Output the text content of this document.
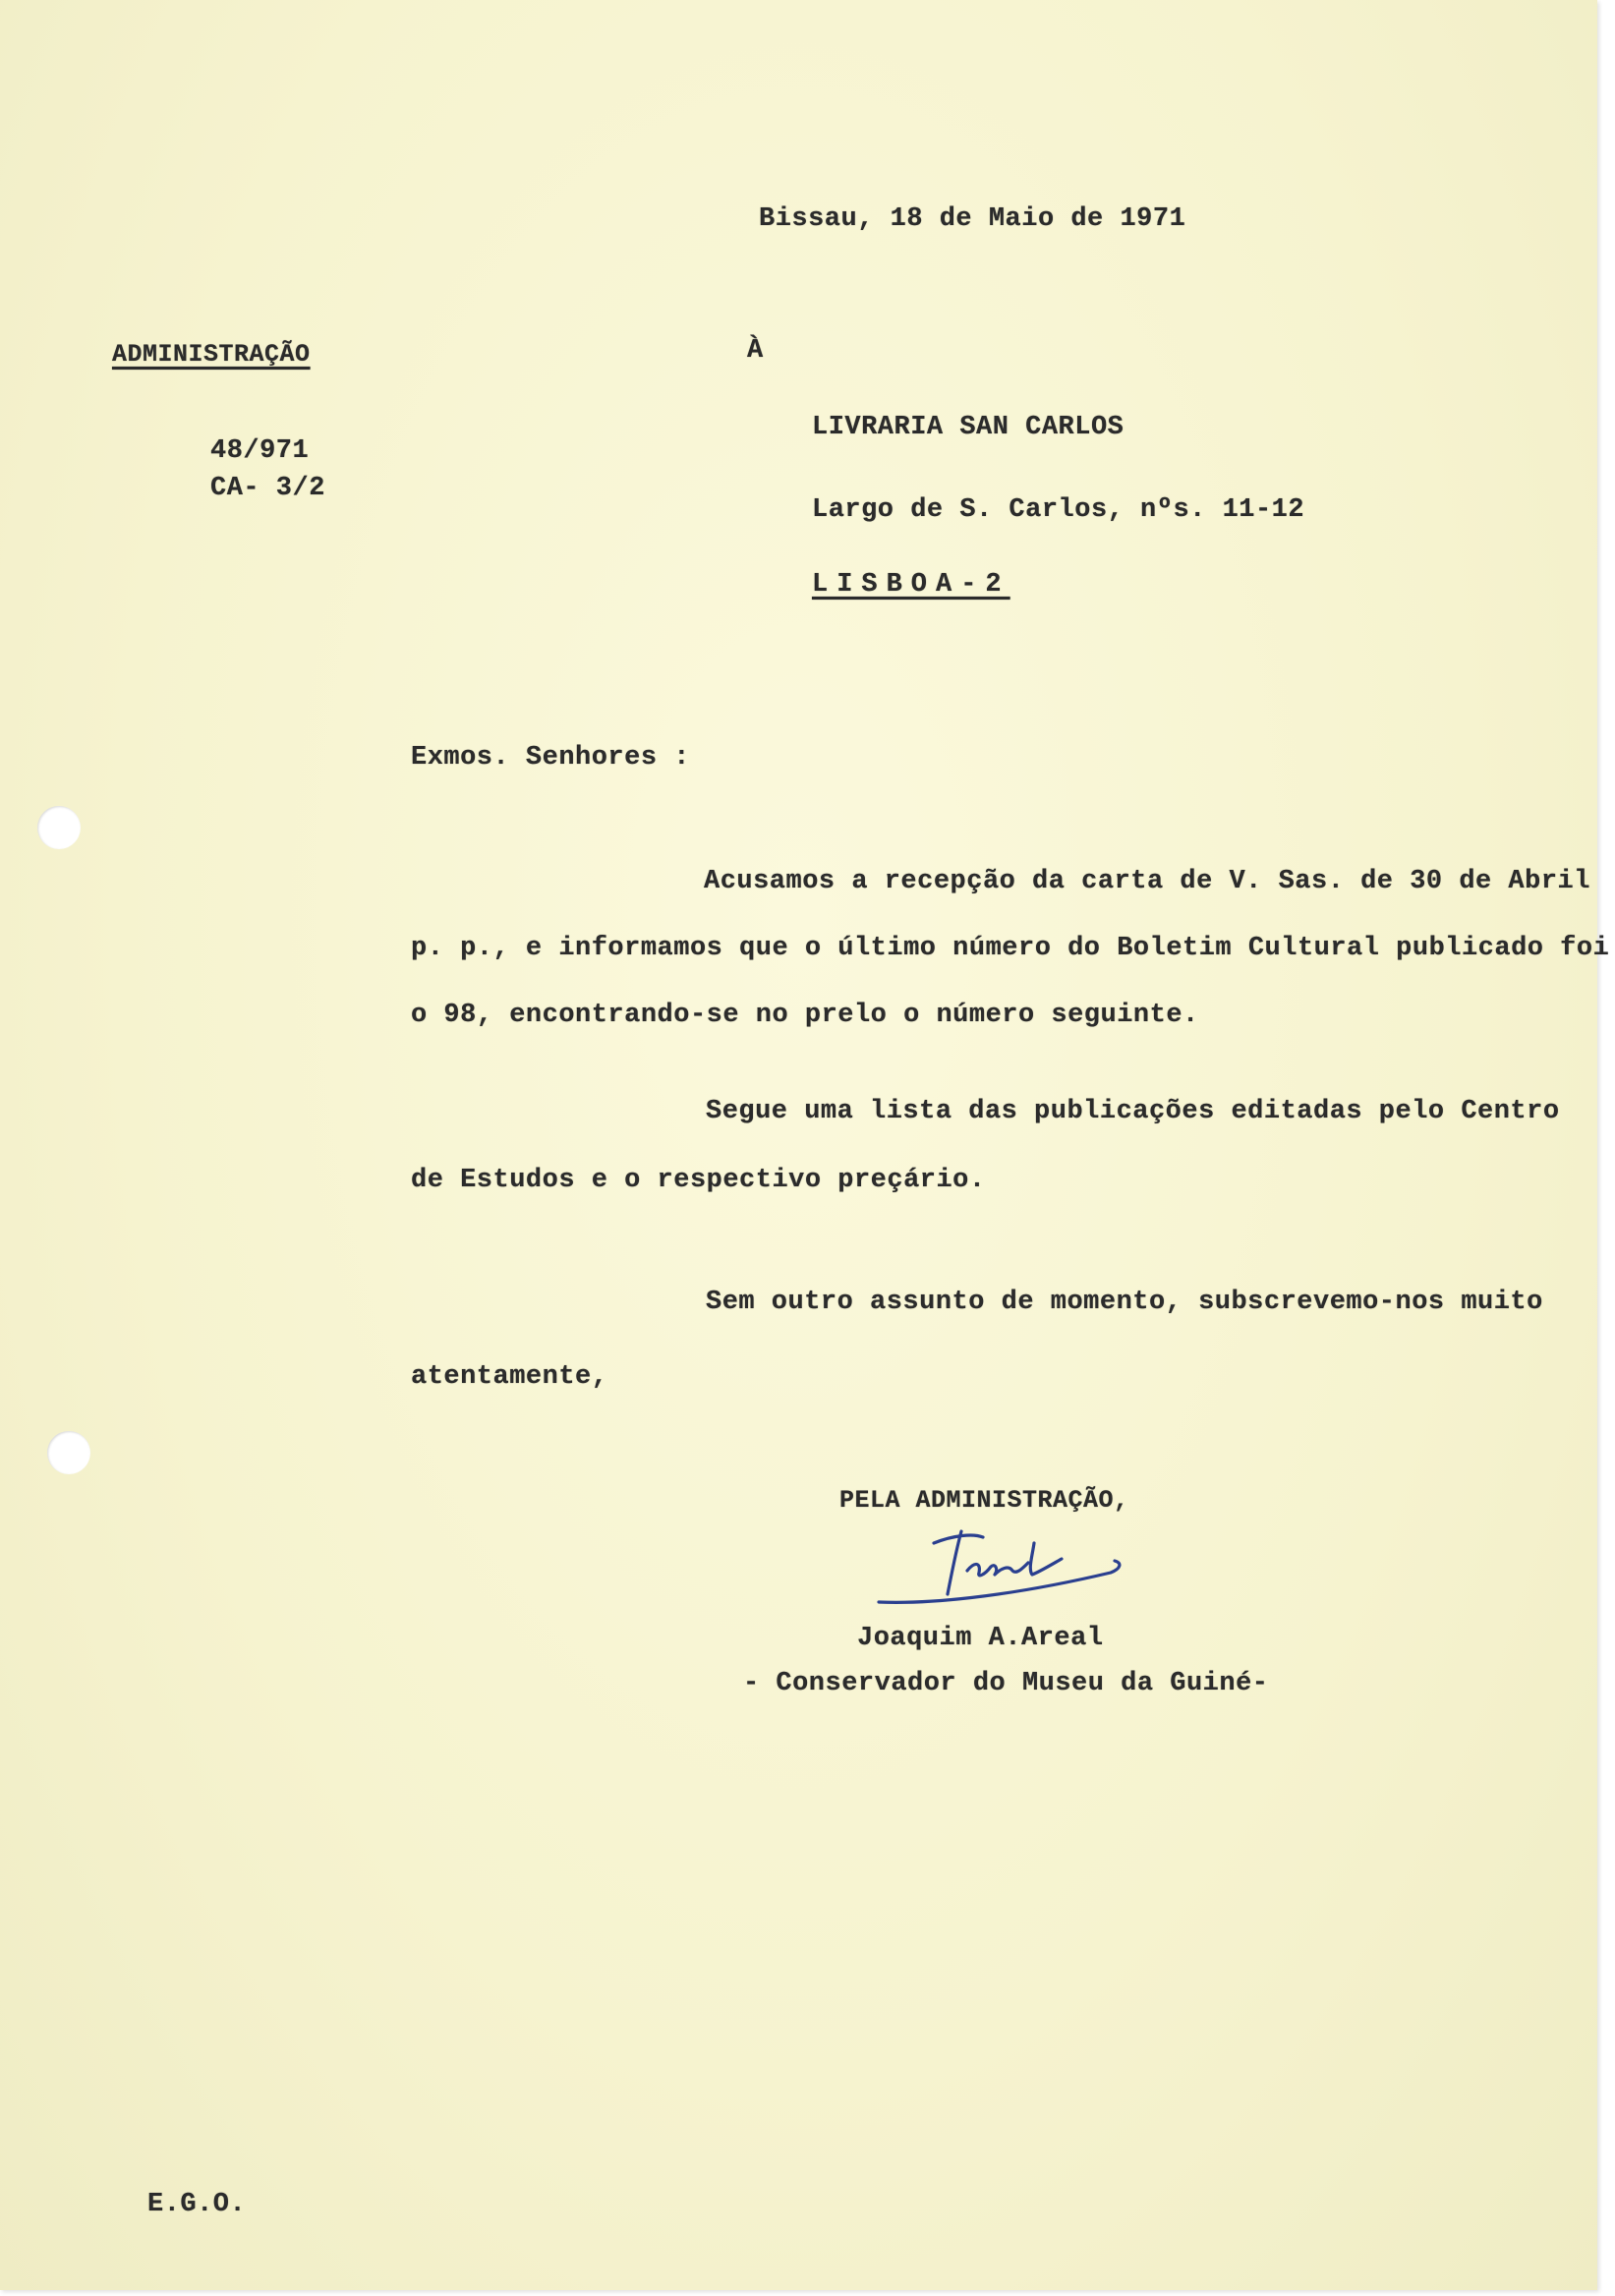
Bissau, 18 de Maio de 1971
ADMINISTRAÇÃO
48/971
CA- 3/2
À
LIVRARIA SAN CARLOS
Largo de S. Carlos, nºs. 11-12
LISBOA-2
Exmos. Senhores :
Acusamos a recepção da carta de V. Sas. de 30 de Abril
p. p., e informamos que o último número do Boletim Cultural publicado foi
o 98, encontrando-se no prelo o número seguinte.
Segue uma lista das publicações editadas pelo Centro
de Estudos e o respectivo preçário.
Sem outro assunto de momento, subscrevemo-nos muito
atentamente,
PELA ADMINISTRAÇÃO,
Joaquim A.Areal
- Conservador do Museu da Guiné-
E.G.O.
